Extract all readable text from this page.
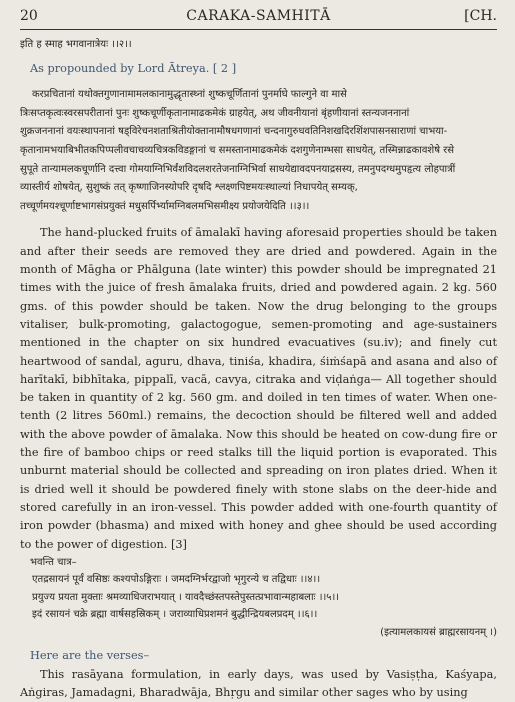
20	CARAKA-SAMHITĀ	[CH.
इति ह स्माह भगवानात्रेयः ।।२।।
As propounded by Lord Ātreya. [ 2 ]

करप्रचितानां यथोक्तगुणानामामलकानामुद्धृतास्थ्नां शुष्कचूर्णितानां पुनर्माघे फाल्गुने वा मासे

त्रिःसप्तकृत्वःस्वरसपरीतानां पुनः शुष्कचूर्णीकृतानामाढकमेकं ग्राहयेत्, अथ जीवनीयानां बृंहणीयानां स्तन्यजननानां

शुक्रजननानां वयःस्थापनानां षड्विरेचनशताश्रितीयोक्तानामौषधगणानां चन्दनागुरुधवतिनिशखदिरशिंशपासनसाराणां चाभया-

कृतानामभयाबिभीतकपिप्पलीवचाचव्यचित्रकविडङ्गानां च समस्तानामाढकमेकं दशगुणेनाम्भसा साधयेत्, तस्मिन्नाढकावशेषे रसे

सुपूते तान्यामलकचूर्णानि दत्त्वा गोमयाग्निभिर्वंशविदलशरतेजनाग्निभिर्वा साधयेद्यावदपनयाद्रसस्य, तमनुपदग्धमुपहृत्य लोहपात्रीं

व्यास्तीर्य शोषयेत्, सुशुष्कं तत् कृष्णाजिनस्योपरि दृषदि श्लक्ष्णपिष्टमयःस्थाल्यां निधापयेत् सम्यक्,

तच्चूर्णमयश्चूर्णाष्टभागसंप्रयुक्तं मधुसर्पिर्भ्यामग्निबलमभिसमीक्ष्य प्रयोजयेदिति ।।३।।

The hand-plucked fruits of āmalakī having aforesaid properties should be taken and after their seeds are removed they are dried and powdered. Again in the month of Māgha or Phālguna (late winter) this powder should be impregnated 21 times with the juice of fresh āmalaka fruits, dried and powdered again. 2 kg. 560 gms. of this powder should be taken. Now the drug belonging to the groups vitaliser, bulk-promoting, galactogogue, semen-promoting and age-sustainers mentioned in the chapter on six hundred evacuatives (su.iv); and finely cut heartwood of sandal, aguru, dhava, tiniśa, khadira, śiṁśapā and asana and also of harītakī, bibhītaka, pippalī, vacā, cavya, citraka and viḍaṅga— All together should be taken in quantity of 2 kg. 560 gm. and doiled in ten times of water. When one-tenth (2 litres 560ml.) remains, the decoction should be filtered well and added with the above powder of āmalaka. Now this should be heated on cow-dung fire or the fire of bamboo chips or reed stalks till the liquid portion is evaporated. This unburnt material should be collected and spreading on iron plates dried. When it is dried well it should be powdered finely with stone slabs on the deer-hide and stored carefully in an iron-vessel. This powder added with one-fourth quantity of iron powder (bhasma) and mixed with honey and ghee should be used according to the power of digestion. [3]

भवन्ति चात्र–
एतद्रसायनं पूर्वं वसिष्ठः कश्यपोऽङ्गिराः । जमदग्निर्भरद्वाजो भृगुरन्ये च तद्विधाः ।।४।।
प्रयुज्य प्रयता मुक्ताः श्रमव्याधिजराभयात् । यावदैच्छंस्तपस्तेपुस्तत्प्रभावान्महाबलाः ।।५।।
इदं रसायनं चक्रे ब्रह्मा वार्षसहस्रिकम् । जराव्याधिप्रशमनं बुद्धीन्द्रियबलप्रदम् ।।६।।
(इत्यामलकायसं ब्राह्मरसायनम् ।)

Here are the verses–

This rasāyana formulation, in early days, was used by Vasiṣṭha, Kaśyapa, Aṅgiras, Jamadagni, Bharadwāja, Bhṛgu and similar other sages who by using
